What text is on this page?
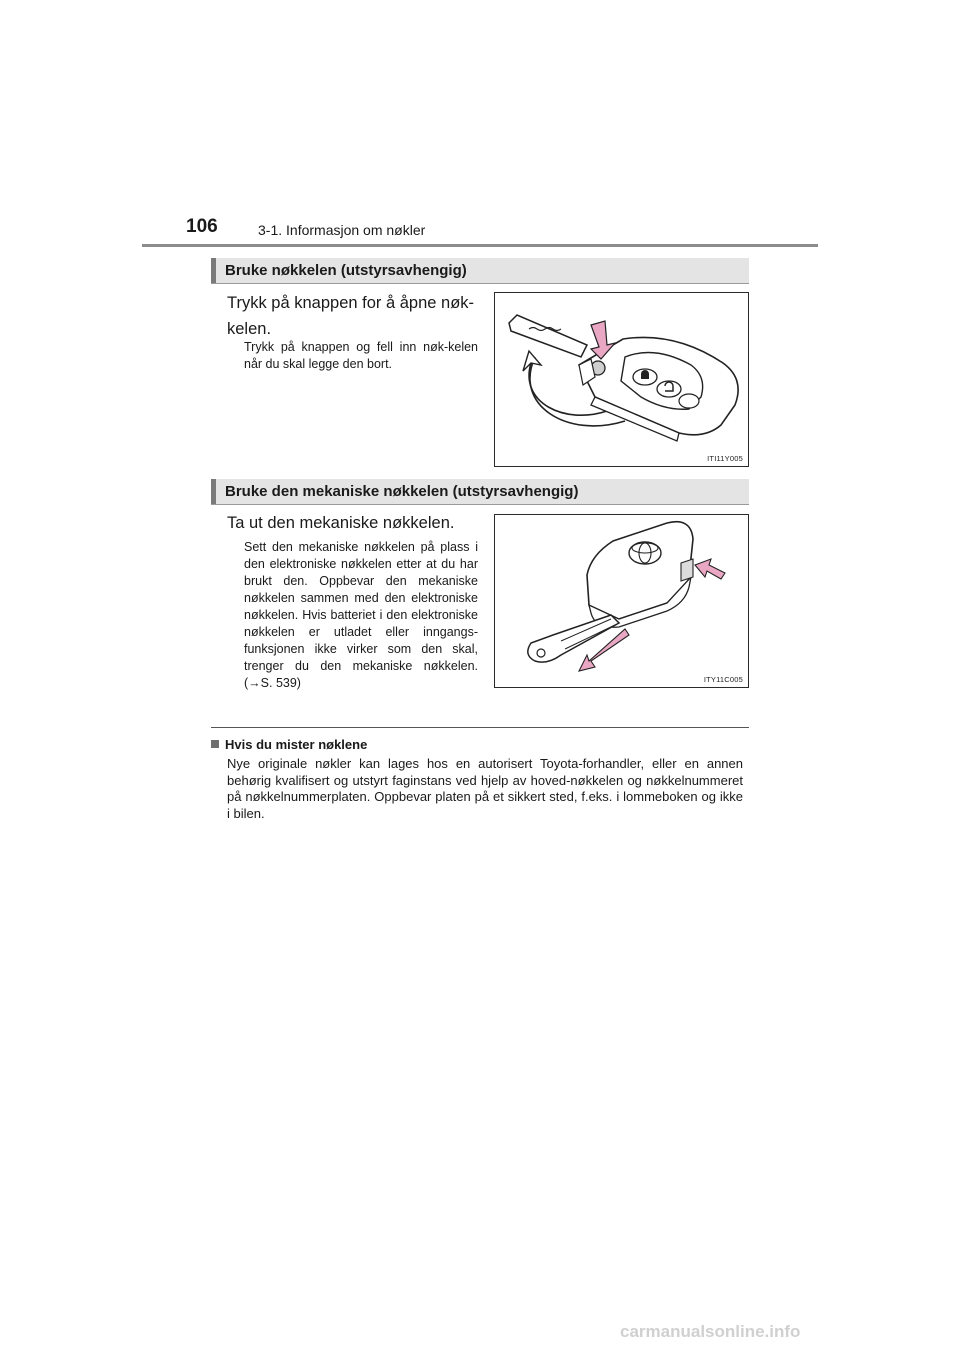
106	3-1. Informasjon om nøkler
Bruke nøkkelen (utstyrsavhengig)
Trykk på knappen for å åpne nøk-kelen.
Trykk på knappen og fell inn nøk-kelen når du skal legge den bort.
ITI11Y005
Bruke den mekaniske nøkkelen (utstyrsavhengig)
Ta ut den mekaniske nøkkelen.
Sett den mekaniske nøkkelen på plass i den elektroniske nøkkelen etter at du har brukt den. Oppbevar den mekaniske nøkkelen sammen med den elektroniske nøkkelen. Hvis batteriet i den elektroniske nøkkelen er utladet eller inngangs-funksjonen ikke virker som den skal, trenger du den mekaniske nøkkelen. (→S. 539)	ITY11C005
Hvis du mister nøklene
Nye originale nøkler kan lages hos en autorisert Toyota-forhandler, eller en annen behørig kvalifisert og utstyrt faginstans ved hjelp av hoved-nøkkelen og nøkkelnummeret på nøkkelnummerplaten. Oppbevar platen på et sikkert sted, f.eks. i lommeboken og ikke i bilen.
carmanualsonline.info
